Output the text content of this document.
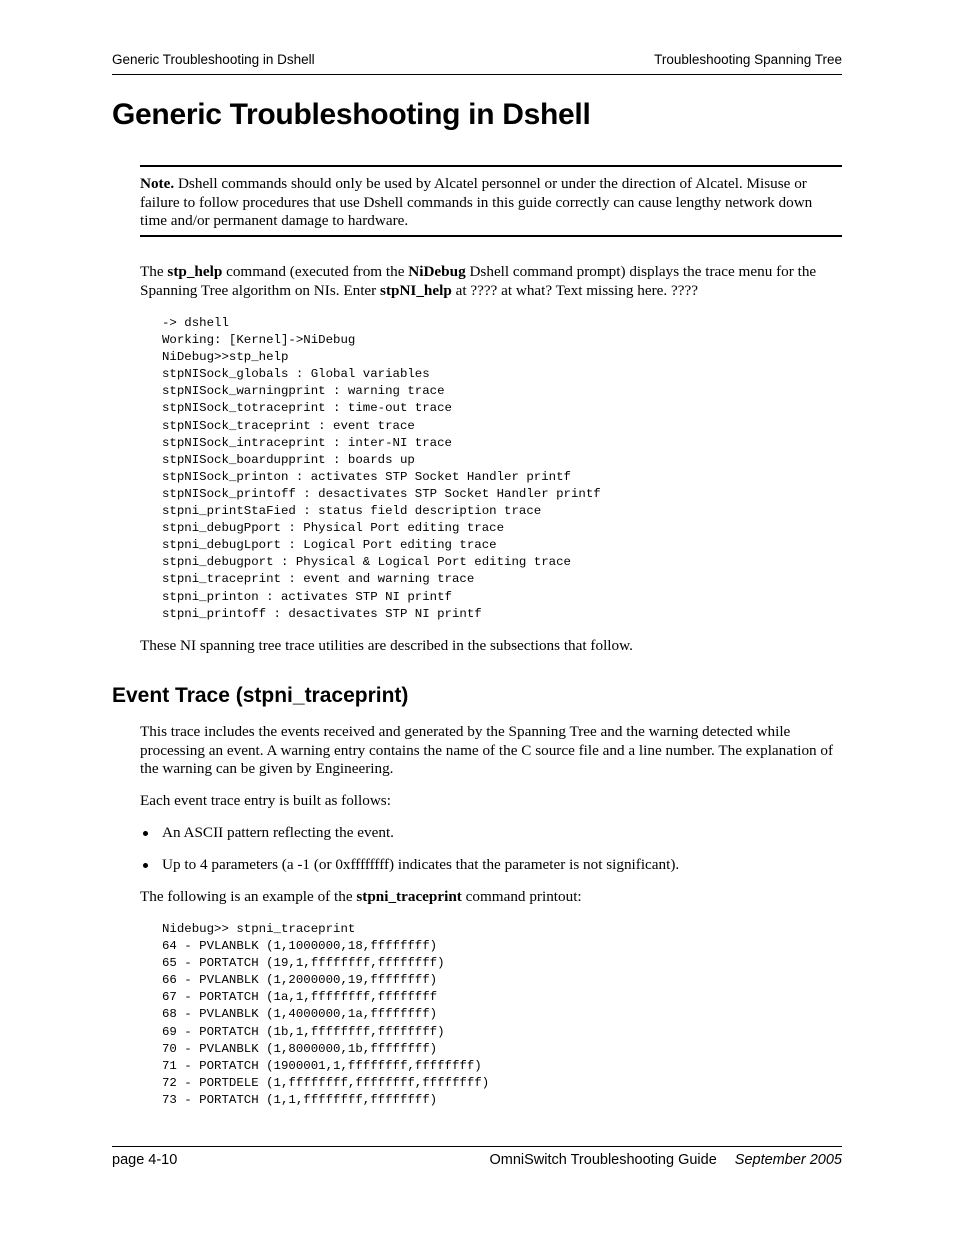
Generic Troubleshooting in Dshell	Troubleshooting Spanning Tree
Generic Troubleshooting in Dshell
Note. Dshell commands should only be used by Alcatel personnel or under the direction of Alcatel. Misuse or failure to follow procedures that use Dshell commands in this guide correctly can cause lengthy network down time and/or permanent damage to hardware.

The stp_help command (executed from the NiDebug Dshell command prompt) displays the trace menu for the Spanning Tree algorithm on NIs. Enter stpNI_help at ???? at what? Text missing here. ????

-> dshell
Working: [Kernel]->NiDebug
NiDebug>>stp_help
stpNISock_globals : Global variables
stpNISock_warningprint : warning trace
stpNISock_totraceprint : time-out trace
stpNISock_traceprint : event trace
stpNISock_intraceprint : inter-NI trace
stpNISock_boardupprint : boards up
stpNISock_printon : activates STP Socket Handler printf
stpNISock_printoff : desactivates STP Socket Handler printf
stpni_printStaFied : status field description trace
stpni_debugPport : Physical Port editing trace
stpni_debugLport : Logical Port editing trace
stpni_debugport : Physical & Logical Port editing trace
stpni_traceprint : event and warning trace
stpni_printon : activates STP NI printf
stpni_printoff : desactivates STP NI printf

These NI spanning tree trace utilities are described in the subsections that follow.

Event Trace (stpni_traceprint)

This trace includes the events received and generated by the Spanning Tree and the warning detected while processing an event. A warning entry contains the name of the C source file and a line number. The explanation of the warning can be given by Engineering.

Each event trace entry is built as follows:

An ASCII pattern reflecting the event.
Up to 4 parameters (a -1 (or 0xffffffff) indicates that the parameter is not significant).

The following is an example of the stpni_traceprint command printout:

Nidebug>> stpni_traceprint
64 - PVLANBLK (1,1000000,18,ffffffff)
65 - PORTATCH (19,1,ffffffff,ffffffff)
66 - PVLANBLK (1,2000000,19,ffffffff)
67 - PORTATCH (1a,1,ffffffff,ffffffff
68 - PVLANBLK (1,4000000,1a,ffffffff)
69 - PORTATCH (1b,1,ffffffff,ffffffff)
70 - PVLANBLK (1,8000000,1b,ffffffff)
71 - PORTATCH (1900001,1,ffffffff,ffffffff)
72 - PORTDELE (1,ffffffff,ffffffff,ffffffff)
73 - PORTATCH (1,1,ffffffff,ffffffff)
page 4-10	OmniSwitch Troubleshooting Guide September 2005
